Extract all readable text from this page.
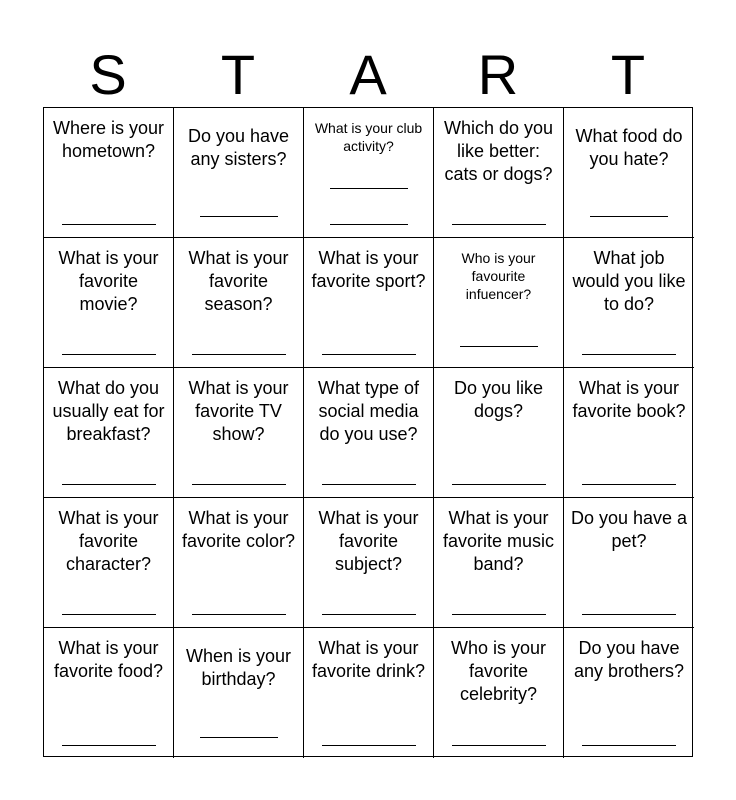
S	T	A	R	T
Where is your hometown?
Do you have any sisters?
What is your club activity?
Which do you like better: cats or dogs?
What food do you hate?
What is your favorite movie?
What is your favorite season?
What is your favorite sport?
Who is your favourite infuencer?
What job would you like to do?
What do you usually eat for breakfast?
What is your favorite TV show?
What type of social media do you use?
Do you like dogs?
What is your favorite book?
What is your favorite character?
What is your favorite color?
What is your favorite subject?
What is your favorite music band?
Do you have a pet?
What is your favorite food?
When is your birthday?
What is your favorite drink?
Who is your favorite celebrity?
Do you have any brothers?
